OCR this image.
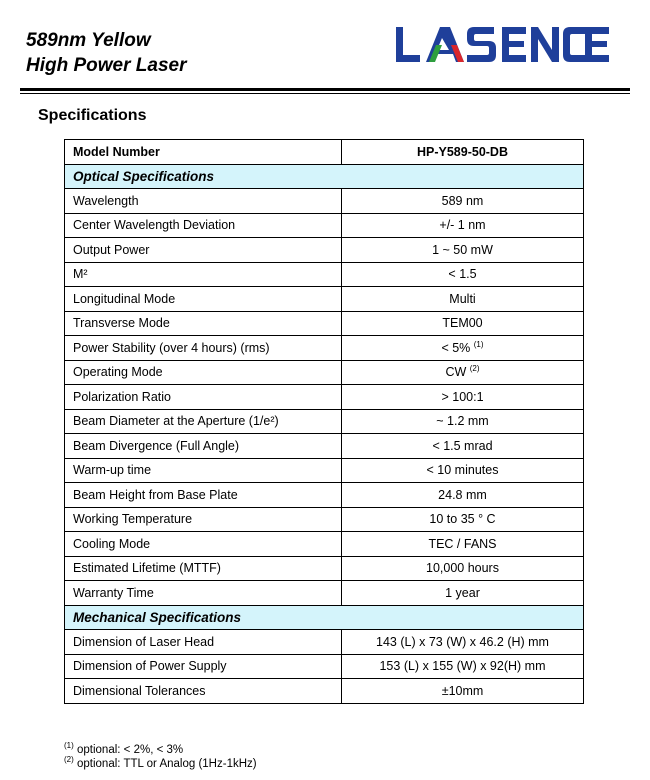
589nm Yellow
High Power Laser
Specifications
Model Number	HP-Y589-50-DB
Optical Specifications	
Wavelength	589 nm
Center Wavelength Deviation	+/- 1 nm
Output Power	1 ~ 50 mW
M²	< 1.5
Longitudinal Mode	Multi
Transverse Mode	TEM00
Power Stability (over 4 hours) (rms)	< 5% $^{(1)}$
Operating Mode	CW $^{(2)}$
Polarization Ratio	> 100:1
Beam Diameter at the Aperture (1/e²)	~ 1.2 mm
Beam Divergence (Full Angle)	< 1.5 mrad
Warm-up time	< 10 minutes
Beam Height from Base Plate	24.8 mm
Working Temperature	10 to 35 ° C
Cooling Mode	TEC / FANS
Estimated Lifetime (MTTF)	10,000 hours
Warranty Time	1 year
Mechanical Specifications	
Dimension of Laser Head	143 (L) x 73 (W) x 46.2 (H) mm
Dimension of Power Supply	153 (L) x 155 (W) x 92(H) mm
Dimensional Tolerances	±10mm
$^{(1)}$ optional: < 2%, < 3%
$^{(2)}$ optional: TTL or Analog (1Hz-1kHz)
